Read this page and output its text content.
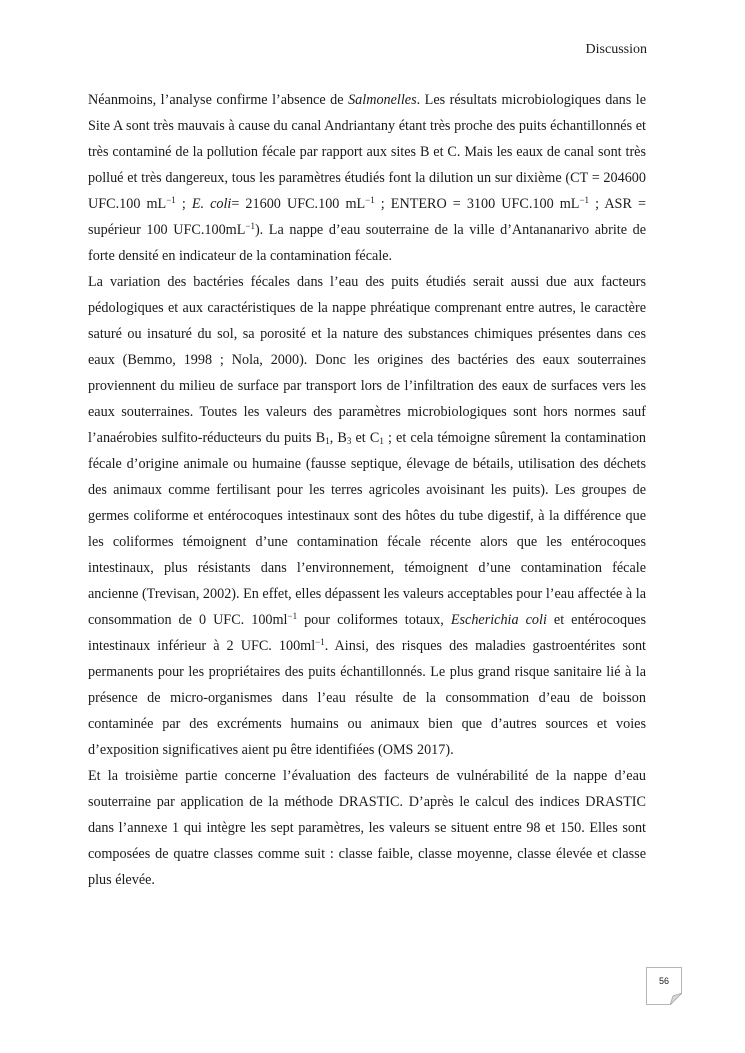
Discussion

Néanmoins, l’analyse confirme l’absence de Salmonelles. Les résultats microbiologiques dans le Site A sont très mauvais à cause du canal Andriantany étant très proche des puits échantillonnés et très contaminé de la pollution fécale par rapport aux sites B et C. Mais les eaux de canal sont très pollué et très dangereux, tous les paramètres étudiés font la dilution un sur dixième (CT = 204600 UFC.100 $mL^{-1}$ ; E. coli= 21600 UFC.100 $mL^{-1}$ ; ENTERO = 3100 UFC.100 $mL^{-1}$ ; ASR = supérieur 100 $UFC.100mL^{-1}$). La nappe d’eau souterraine de la ville d’Antananarivo abrite de forte densité en indicateur de la contamination fécale.

La variation des bactéries fécales dans l’eau des puits étudiés serait aussi due aux facteurs pédologiques et aux caractéristiques de la nappe phréatique comprenant entre autres, le caractère saturé ou insaturé du sol, sa porosité et la nature des substances chimiques présentes dans ces eaux (Bemmo, 1998 ; Nola, 2000). Donc les origines des bactéries des eaux souterraines proviennent du milieu de surface par transport lors de l’infiltration des eaux de surfaces vers les eaux souterraines. Toutes les valeurs des paramètres microbiologiques sont hors normes sauf l’anaérobies sulfito-réducteurs du puits $B_1$, $B_3$ et $C_1$ ; et cela témoigne sûrement la contamination fécale d’origine animale ou humaine (fausse septique, élevage de bétails, utilisation des déchets des animaux comme fertilisant pour les terres agricoles avoisinant les puits). Les groupes de germes coliforme et entérocoques intestinaux sont des hôtes du tube digestif, à la différence que les coliformes témoignent d’une contamination fécale récente alors que les entérocoques intestinaux, plus résistants dans l’environnement, témoignent d’une contamination fécale ancienne (Trevisan, 2002). En effet, elles dépassent les valeurs acceptables pour l’eau affectée à la consommation de 0 UFC. $100ml^{-1}$ pour coliformes totaux, Escherichia coli et entérocoques intestinaux inférieur à 2 UFC. $100ml^{-1}$. Ainsi, des risques des maladies gastroentérites sont permanents pour les propriétaires des puits échantillonnés. Le plus grand risque sanitaire lié à la présence de micro-organismes dans l’eau résulte de la consommation d’eau de boisson contaminée par des excréments humains ou animaux bien que d’autres sources et voies d’exposition significatives aient pu être identifiées (OMS 2017).

Et la troisième partie concerne l’évaluation des facteurs de vulnérabilité de la nappe d’eau souterraine par application de la méthode DRASTIC. D’après le calcul des indices DRASTIC dans l’annexe 1 qui intègre les sept paramètres, les valeurs se situent entre 98 et 150. Elles sont composées de quatre classes comme suit : classe faible, classe moyenne, classe élevée et classe plus élevée.

56
